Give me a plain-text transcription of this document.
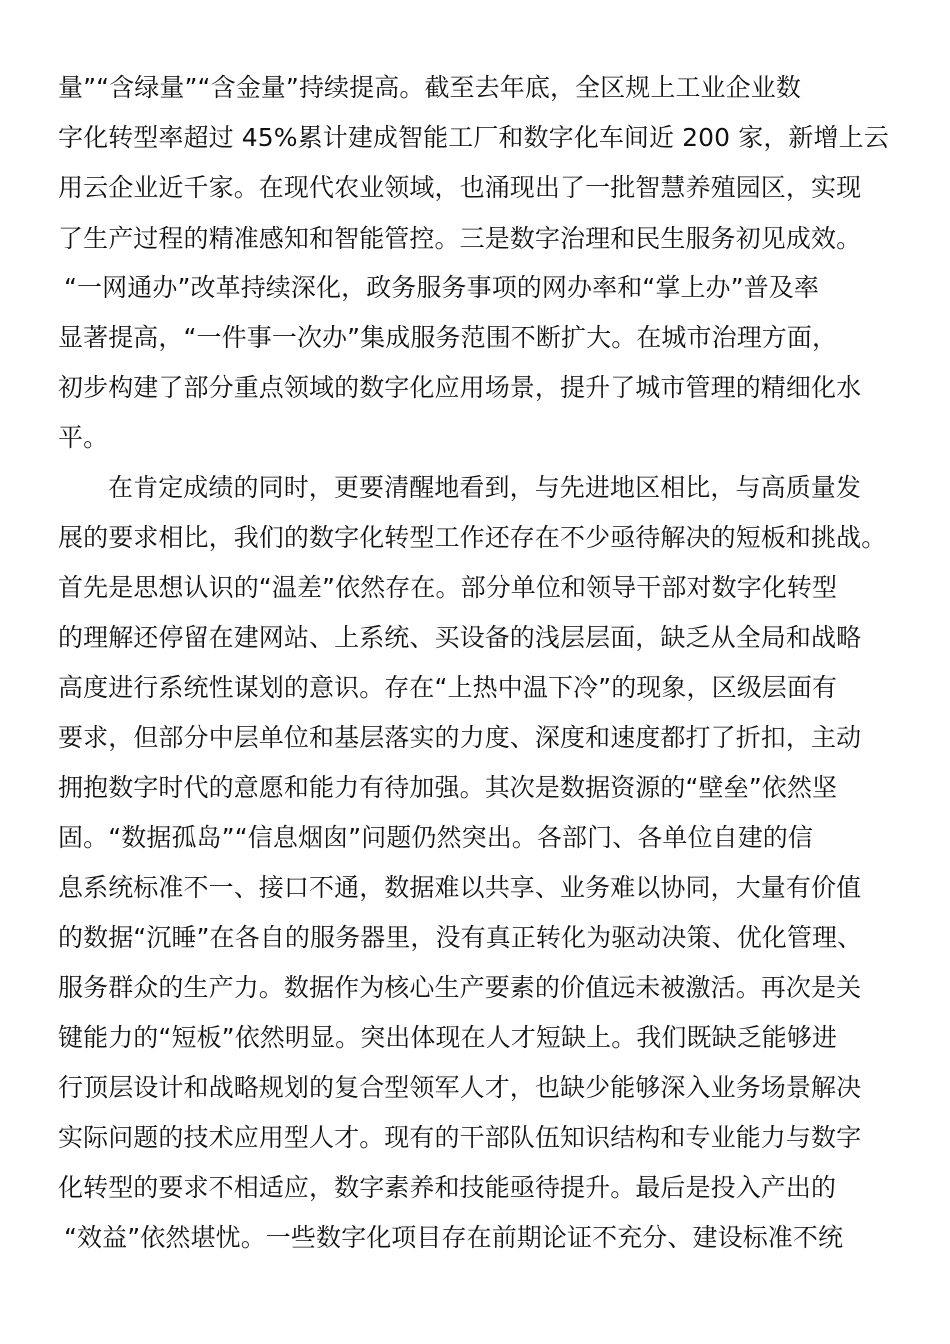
量”“含绿量”“含金量”持续提高。截至去年底，全区规上工业企业数
字化转型率超过 45%累计建成智能工厂和数字化车间近 200 家，新增上云
用云企业近千家。在现代农业领域，也涌现出了一批智慧养殖园区，实现
了生产过程的精准感知和智能管控。三是数字治理和民生服务初见成效。
“一网通办”改革持续深化，政务服务事项的网办率和“掌上办”普及率
显著提高，“一件事一次办”集成服务范围不断扩大。在城市治理方面，
初步构建了部分重点领域的数字化应用场景，提升了城市管理的精细化水
平。
在肯定成绩的同时，更要清醒地看到，与先进地区相比，与高质量发
展的要求相比，我们的数字化转型工作还存在不少亟待解决的短板和挑战。
首先是思想认识的“温差”依然存在。部分单位和领导干部对数字化转型
的理解还停留在建网站、上系统、买设备的浅层层面，缺乏从全局和战略
高度进行系统性谋划的意识。存在“上热中温下冷”的现象，区级层面有
要求，但部分中层单位和基层落实的力度、深度和速度都打了折扣，主动
拥抱数字时代的意愿和能力有待加强。其次是数据资源的“壁垒”依然坚
固。“数据孤岛”“信息烟囱”问题仍然突出。各部门、各单位自建的信
息系统标准不一、接口不通，数据难以共享、业务难以协同，大量有价值
的数据“沉睡”在各自的服务器里，没有真正转化为驱动决策、优化管理、
服务群众的生产力。数据作为核心生产要素的价值远未被激活。再次是关
键能力的“短板”依然明显。突出体现在人才短缺上。我们既缺乏能够进
行顶层设计和战略规划的复合型领军人才，也缺少能够深入业务场景解决
实际问题的技术应用型人才。现有的干部队伍知识结构和专业能力与数字
化转型的要求不相适应，数字素养和技能亟待提升。最后是投入产出的
“效益”依然堪忧。一些数字化项目存在前期论证不充分、建设标准不统
